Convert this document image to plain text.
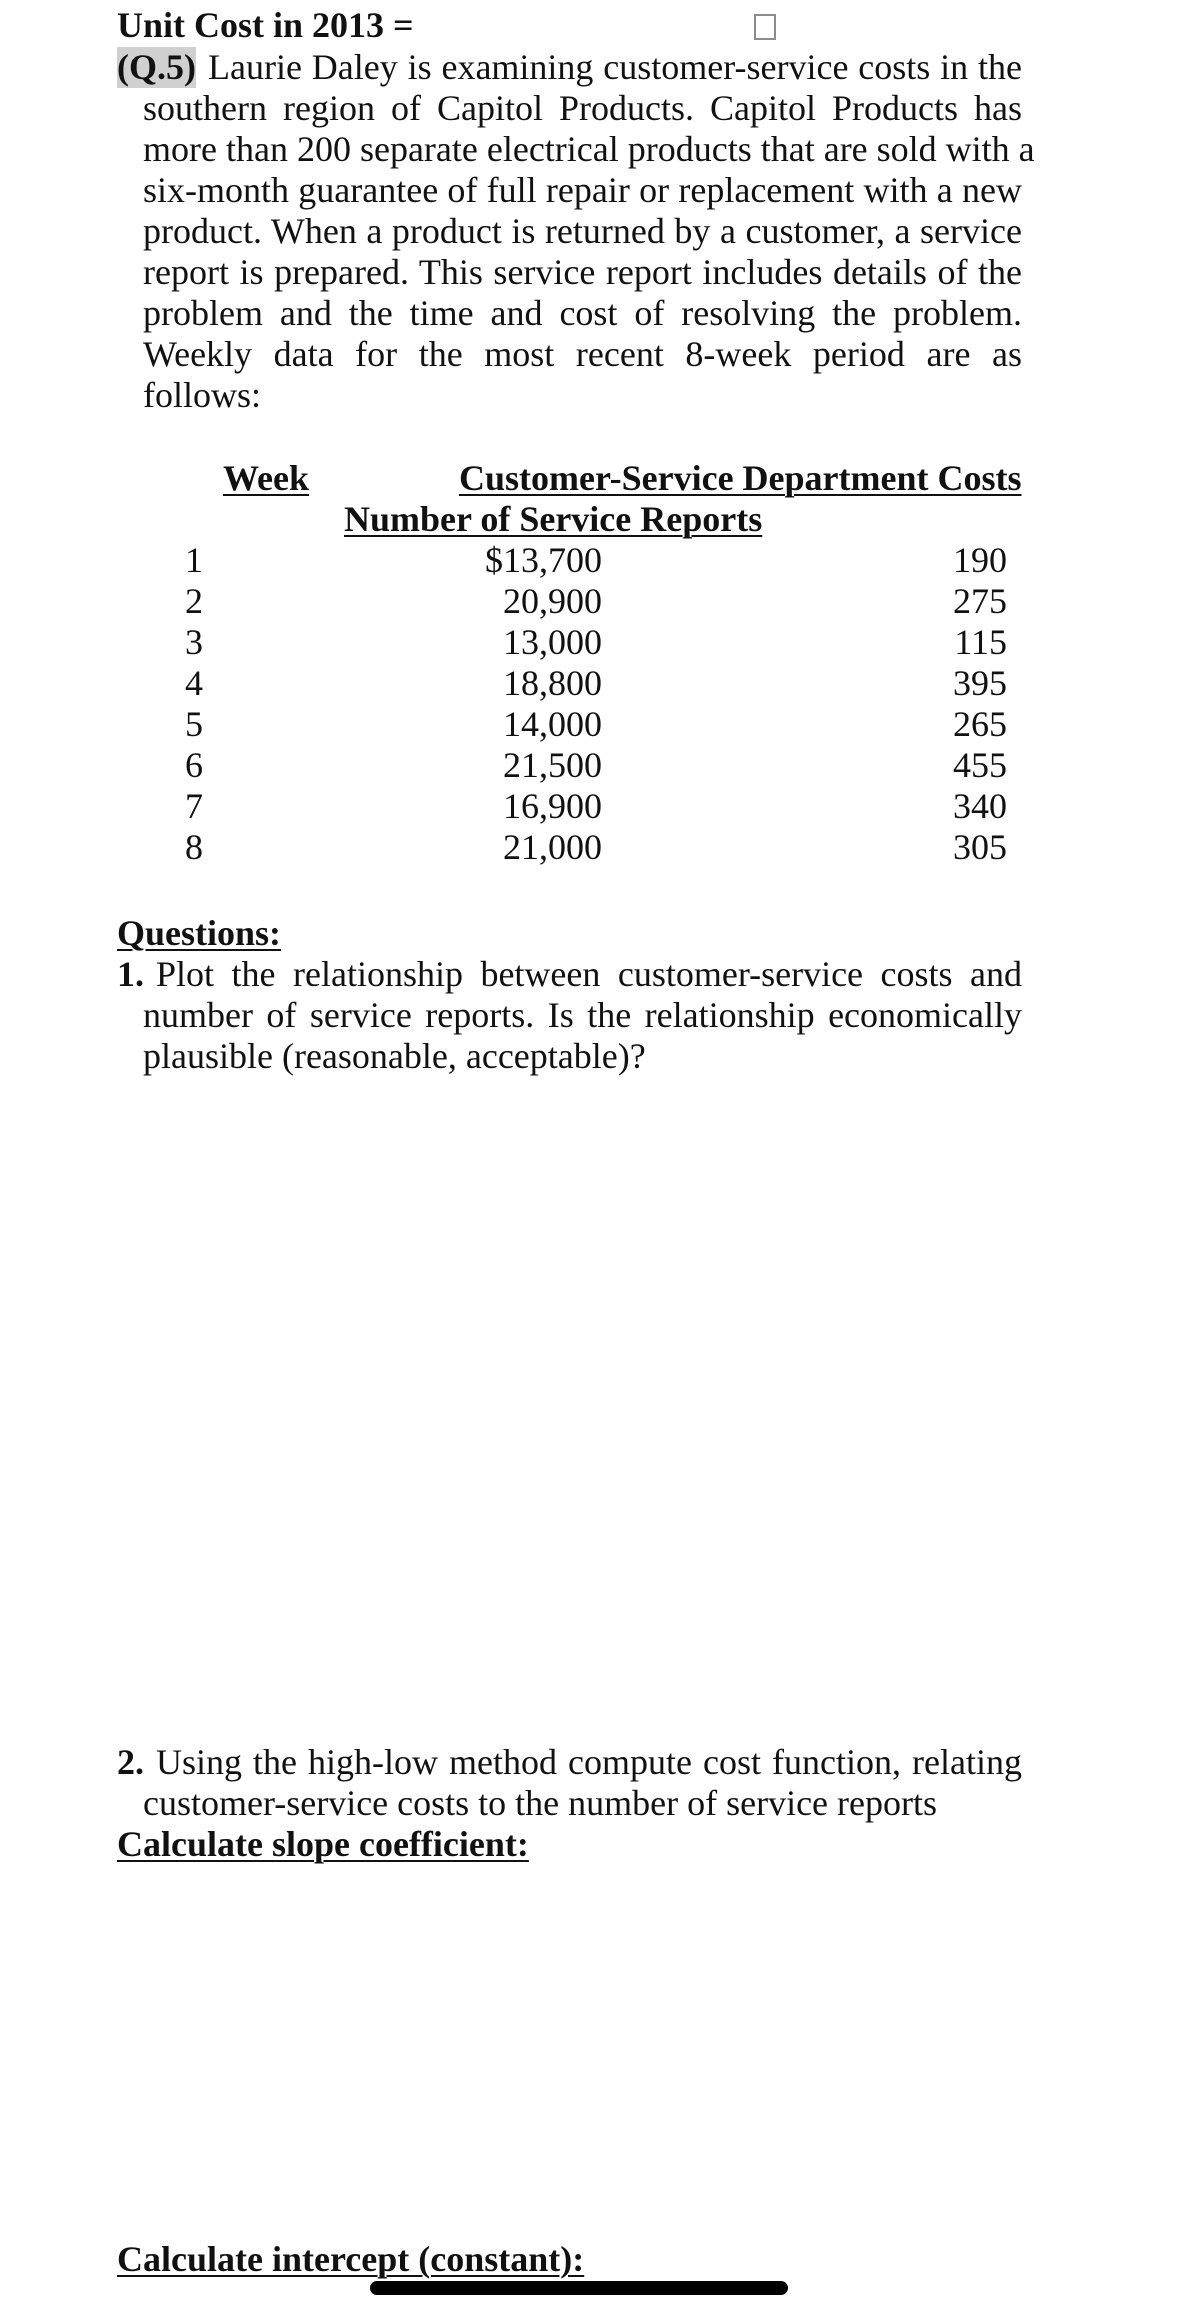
Unit Cost in 2013 =
(Q.5) Laurie Daley is examining customer-service costs in the
southern region of Capitol Products. Capitol Products has
more than 200 separate electrical products that are sold with a
six-month guarantee of full repair or replacement with a new
product. When a product is returned by a customer, a service
report is prepared. This service report includes details of the
problem and the time and cost of resolving the problem.
Weekly data for the most recent 8-week period are as
follows:
Week	Customer-Service Department Costs
Number of Service Reports
1	$13,700	190
2	20,900	275
3	13,000	115
4	18,800	395
5	14,000	265
6	21,500	455
7	16,900	340
8	21,000	305
Questions:
1. Plot the relationship between customer-service costs and
number of service reports. Is the relationship economically
plausible (reasonable, acceptable)?
2. Using the high-low method compute cost function, relating
customer-service costs to the number of service reports
Calculate slope coefficient:
Calculate intercept (constant):
